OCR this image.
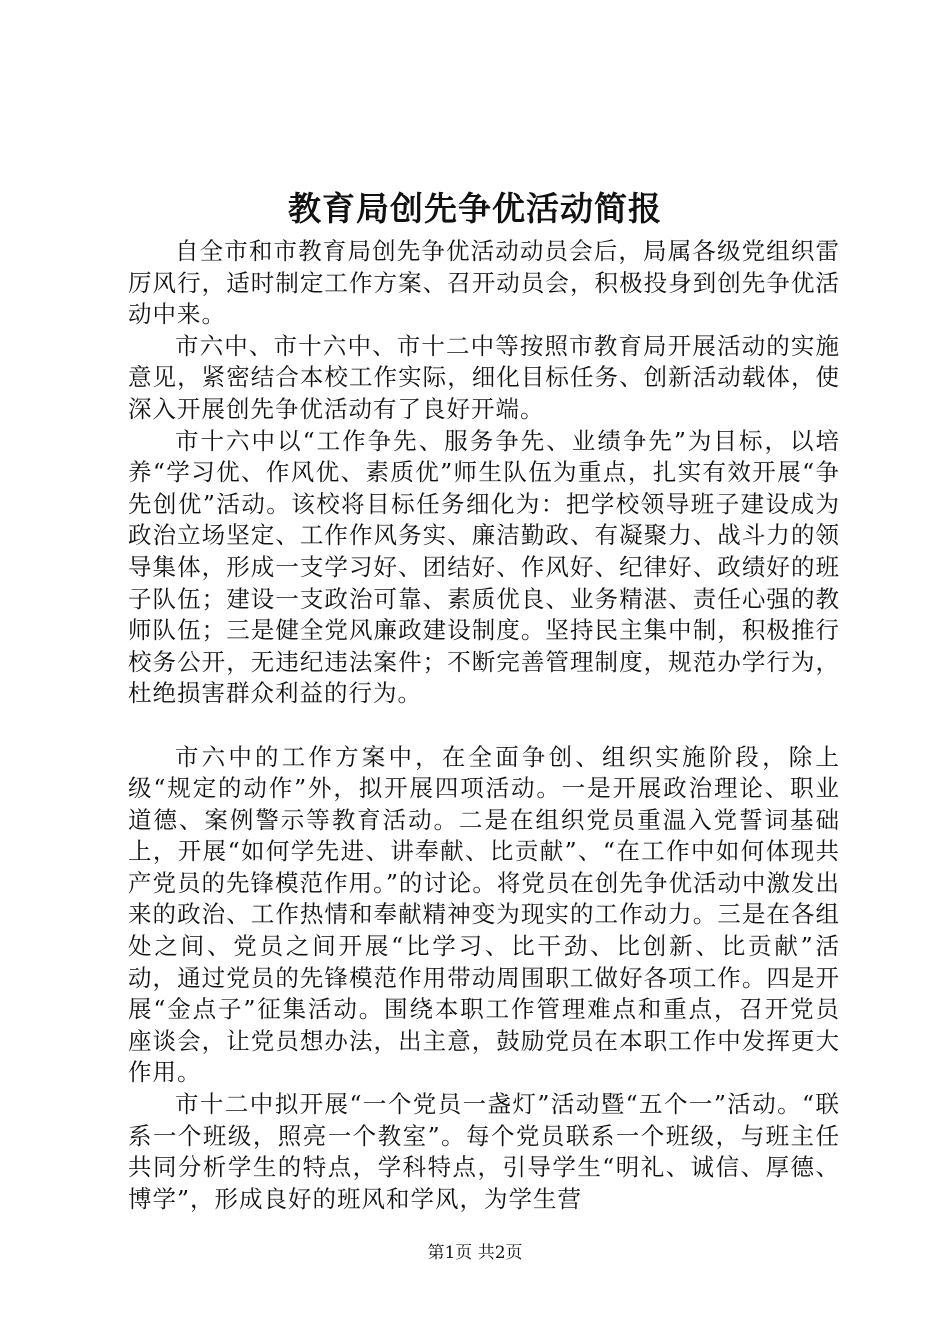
教育局创先争优活动简报

自全市和市教育局创先争优活动动员会后，局属各级党组织雷厉风行，适时制定工作方案、召开动员会，积极投身到创先争优活动中来。

市六中、市十六中、市十二中等按照市教育局开展活动的实施意见，紧密结合本校工作实际，细化目标任务、创新活动载体，使深入开展创先争优活动有了良好开端。

市十六中以“工作争先、服务争先、业绩争先”为目标，以培养“学习优、作风优、素质优”师生队伍为重点，扎实有效开展“争先创优”活动。该校将目标任务细化为：把学校领导班子建设成为政治立场坚定、工作作风务实、廉洁勤政、有凝聚力、战斗力的领导集体，形成一支学习好、团结好、作风好、纪律好、政绩好的班子队伍；建设一支政治可靠、素质优良、业务精湛、责任心强的教师队伍；三是健全党风廉政建设制度。坚持民主集中制，积极推行校务公开，无违纪违法案件；不断完善管理制度，规范办学行为，杜绝损害群众利益的行为。

市六中的工作方案中，在全面争创、组织实施阶段，除上级“规定的动作”外，拟开展四项活动。一是开展政治理论、职业道德、案例警示等教育活动。二是在组织党员重温入党誓词基础上，开展“如何学先进、讲奉献、比贡献”、“在工作中如何体现共产党员的先锋模范作用。”的讨论。将党员在创先争优活动中激发出来的政治、工作热情和奉献精神变为现实的工作动力。三是在各组处之间、党员之间开展“比学习、比干劲、比创新、比贡献”活动，通过党员的先锋模范作用带动周围职工做好各项工作。四是开展“金点子”征集活动。围绕本职工作管理难点和重点，召开党员座谈会，让党员想办法，出主意，鼓励党员在本职工作中发挥更大作用。

市十二中拟开展“一个党员一盏灯”活动暨“五个一”活动。“联系一个班级，照亮一个教室”。每个党员联系一个班级，与班主任共同分析学生的特点，学科特点，引导学生“明礼、诚信、厚德、博学”，形成良好的班风和学风，为学生营

第1页 共2页
